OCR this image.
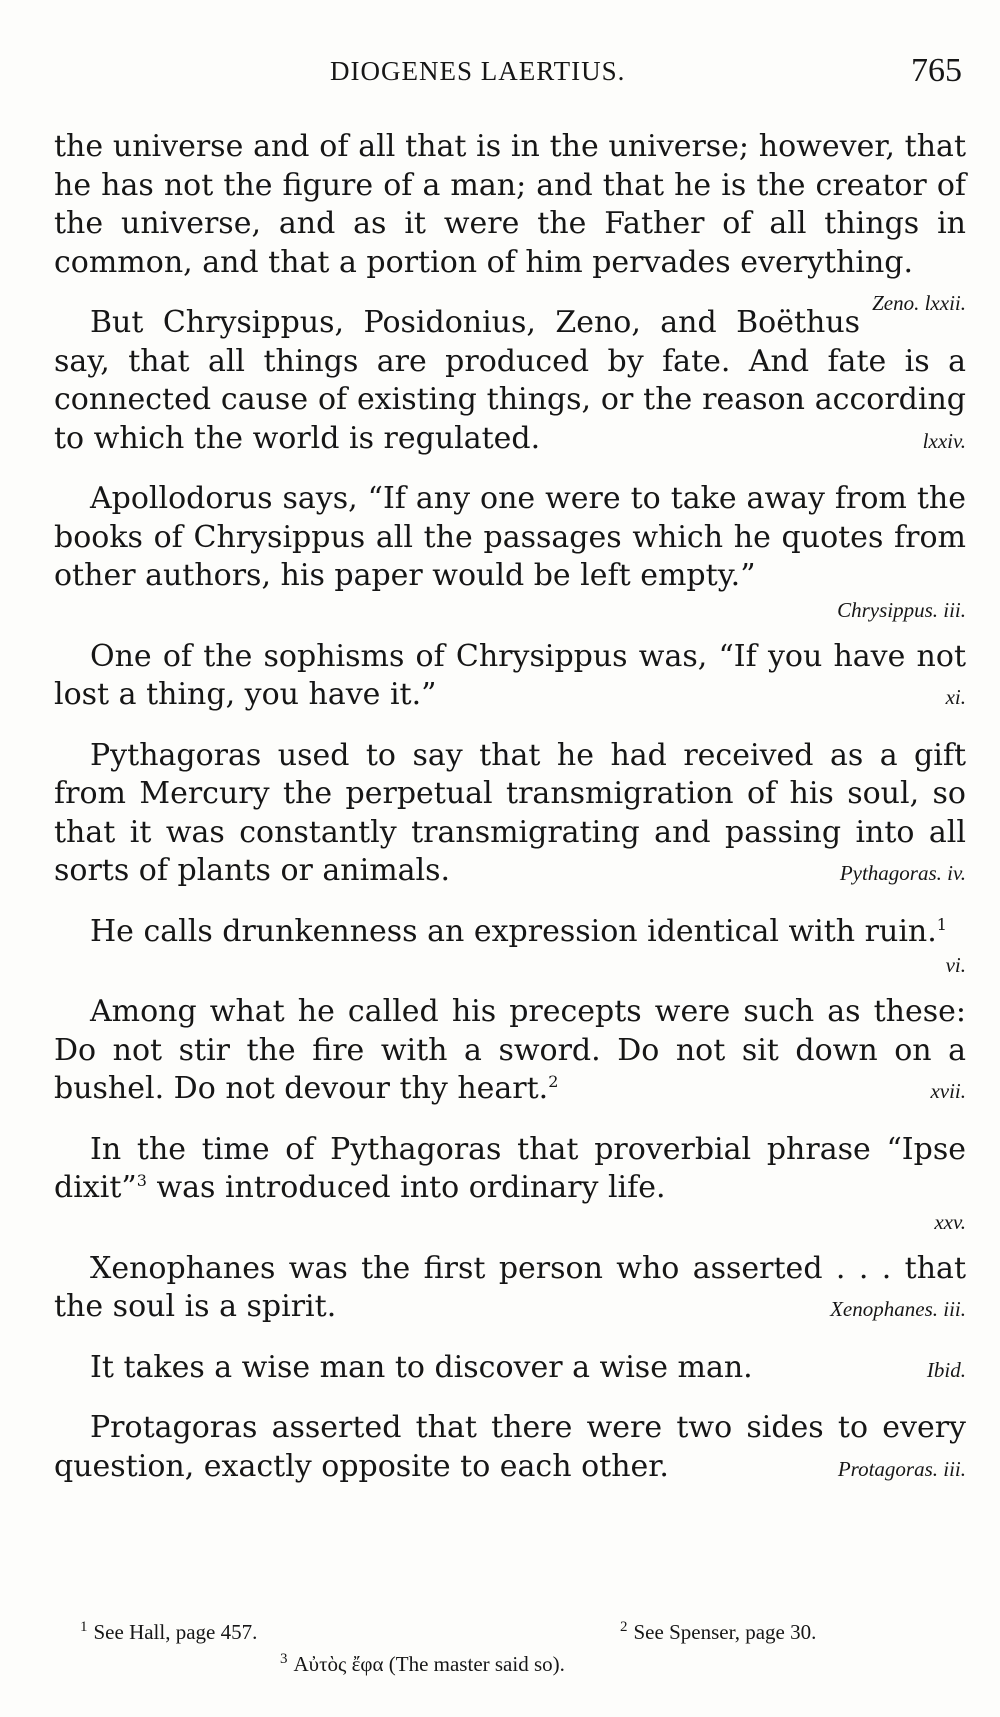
DIOGENES LAERTIUS.	765

the universe and of all that is in the universe; however, that he has not the figure of a man; and that he is the creator of the universe, and as it were the Father of all things in common, and that a portion of him pervades everything.
Zeno. lxxii.

But Chrysippus, Posidonius, Zeno, and Boëthus say, that all things are produced by fate. And fate is a connected cause of existing things, or the reason according to which the world is regulated.	lxxiv.

Apollodorus says, “If any one were to take away from the books of Chrysippus all the passages which he quotes from other authors, his paper would be left empty.”
Chrysippus. iii.

One of the sophisms of Chrysippus was, “If you have not lost a thing, you have it.”	xi.

Pythagoras used to say that he had received as a gift from Mercury the perpetual transmigration of his soul, so that it was constantly transmigrating and passing into all sorts of plants or animals.	Pythagoras. iv.

He calls drunkenness an expression identical with ruin.$^1$
vi.

Among what he called his precepts were such as these: Do not stir the fire with a sword. Do not sit down on a bushel. Do not devour thy heart.$^2$	xvii.

In the time of Pythagoras that proverbial phrase “Ipse dixit”$^3$ was introduced into ordinary life.
xxv.

Xenophanes was the first person who asserted . . . that the soul is a spirit.	Xenophanes. iii.

It takes a wise man to discover a wise man.	Ibid.

Protagoras asserted that there were two sides to every question, exactly opposite to each other.	Protagoras. iii.

$^1$ See Hall, page 457.	$^2$ See Spenser, page 30.
$^3$ Αὐτὸς ἔφα (The master said so).
